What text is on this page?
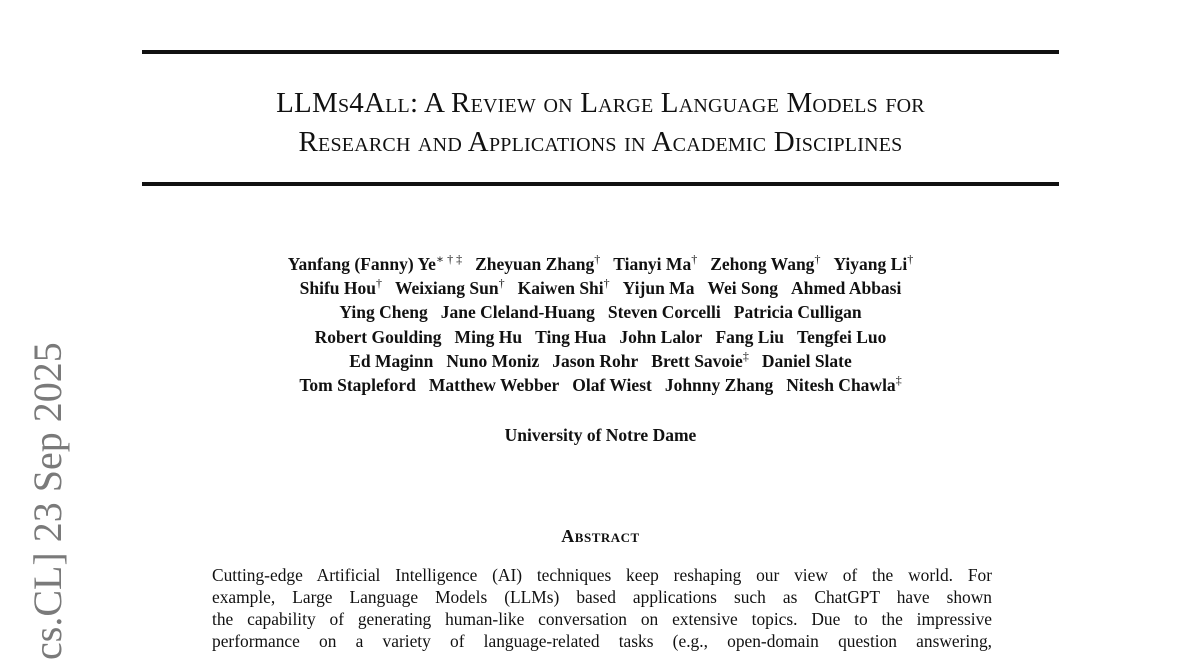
cs.CL] 23 Sep 2025
LLMs4All: A Review on Large Language Models for
Research and Applications in Academic Disciplines
Yanfang (Fanny) Ye∗ † ‡ Zheyuan Zhang† Tianyi Ma† Zehong Wang† Yiyang Li†
Shifu Hou† Weixiang Sun† Kaiwen Shi† Yijun Ma Wei Song Ahmed Abbasi
Ying Cheng Jane Cleland-Huang Steven Corcelli Patricia Culligan
Robert Goulding Ming Hu Ting Hua John Lalor Fang Liu Tengfei Luo
Ed Maginn Nuno Moniz Jason Rohr Brett Savoie‡ Daniel Slate
Tom Stapleford Matthew Webber Olaf Wiest Johnny Zhang Nitesh Chawla‡
University of Notre Dame
Abstract
Cutting-edge Artificial Intelligence (AI) techniques keep reshaping our view of the world. For
example, Large Language Models (LLMs) based applications such as ChatGPT have shown
the capability of generating human-like conversation on extensive topics. Due to the impressive
performance on a variety of language-related tasks (e.g., open-domain question answering,
